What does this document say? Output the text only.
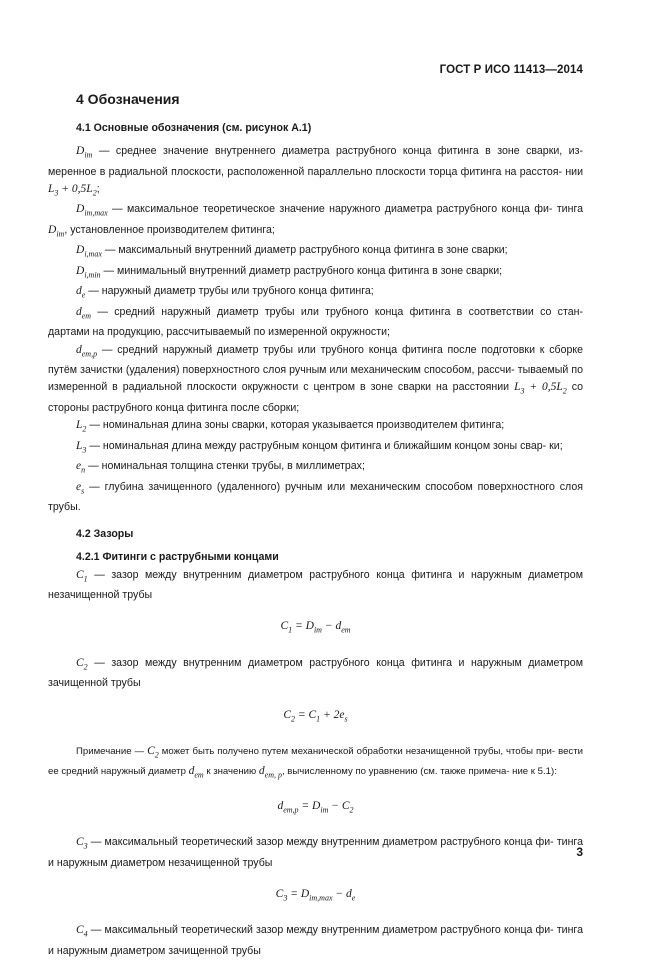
ГОСТ Р ИСО 11413—2014
4 Обозначения

4.1 Основные обозначения (см. рисунок А.1)

$D_{im}$ — среднее значение внутреннего диаметра раструбного конца фитинга в зоне сварки, из- меренное в радиальной плоскости, расположенной параллельно плоскости торца фитинга на расстоя- нии $L_3 + 0,5L_2$;

$D_{im,max}$ — максимальное теоретическое значение наружного диаметра раструбного конца фи- тинга $D_{im}$, установленное производителем фитинга;

$D_{i,max}$ — максимальный внутренний диаметр раструбного конца фитинга в зоне сварки;

$D_{i,min}$ — минимальный внутренний диаметр раструбного конца фитинга в зоне сварки;

$d_e$ — наружный диаметр трубы или трубного конца фитинга;

$d_{em}$ — средний наружный диаметр трубы или трубного конца фитинга в соответствии со стан- дартами на продукцию, рассчитываемый по измеренной окружности;

$d_{em,p}$ — средний наружный диаметр трубы или трубного конца фитинга после подготовки к сборке путём зачистки (удаления) поверхностного слоя ручным или механическим способом, рассчи- тываемый по измеренной в радиальной плоскости окружности с центром в зоне сварки на расстоянии $L_3 + 0,5L_2$ со стороны раструбного конца фитинга после сборки;

$L_2$ — номинальная длина зоны сварки, которая указывается производителем фитинга;

$L_3$ — номинальная длина между раструбным концом фитинга и ближайшим концом зоны свар- ки;

$e_n$ — номинальная толщина стенки трубы, в миллиметрах;

$e_s$ — глубина зачищенного (удаленного) ручным или механическим способом поверхностного слоя трубы.

4.2 Зазоры

4.2.1 Фитинги с раструбными концами

$C_1$ — зазор между внутренним диаметром раструбного конца фитинга и наружным диаметром незачищенной трубы

$C_1 = D_{im} - d_{em}$

$C_2$ — зазор между внутренним диаметром раструбного конца фитинга и наружным диаметром зачищенной трубы

$C_2 = C_1 + 2e_s$

Примечание — $C_2$ может быть получено путем механической обработки незачищенной трубы, чтобы при- вести ее средний наружный диаметр $d_{em}$ к значению $d_{em, p}$, вычисленному по уравнению (см. также примеча- ние к 5.1):

$d_{em,p} = D_{im} - C_2$

$C_3$ — максимальный теоретический зазор между внутренним диаметром раструбного конца фи- тинга и наружным диаметром незачищенной трубы

$C_3 = D_{im,max} - d_e$

$C_4$ — максимальный теоретический зазор между внутренним диаметром раструбного конца фи- тинга и наружным диаметром зачищенной трубы

3
